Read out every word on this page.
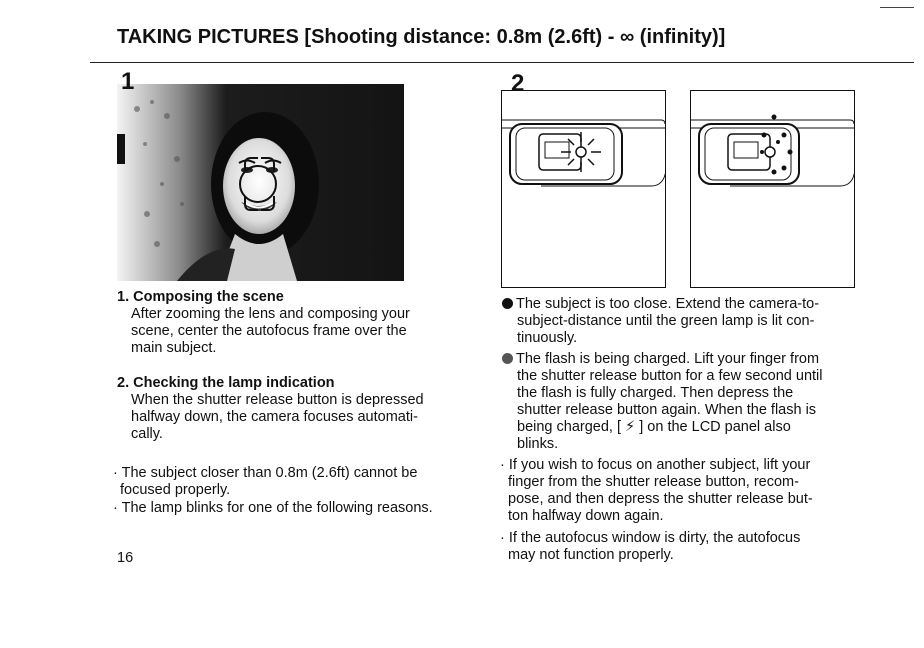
TAKING PICTURES [Shooting distance: 0.8m (2.6ft) - ∞ (infinity)]
1	2
1. Composing the scene
After zooming the lens and composing your
scene, center the autofocus frame over the
main subject.
2. Checking the lamp indication
When the shutter release button is depressed
halfway down, the camera focuses automati-
cally.
· The subject closer than 0.8m (2.6ft) cannot be
focused properly.
· The lamp blinks for one of the following reasons.
16
The subject is too close. Extend the camera-to-
subject-distance until the green lamp is lit con-
tinuously.
The flash is being charged. Lift your finger from
the shutter release button for a few second until
the flash is fully charged. Then depress the
shutter release button again. When the flash is
being charged, [ ⚡ ] on the LCD panel also
blinks.
· If you wish to focus on another subject, lift your
finger from the shutter release button, recom-
pose, and then depress the shutter release but-
ton halfway down again.
· If the autofocus window is dirty, the autofocus
may not function properly.
